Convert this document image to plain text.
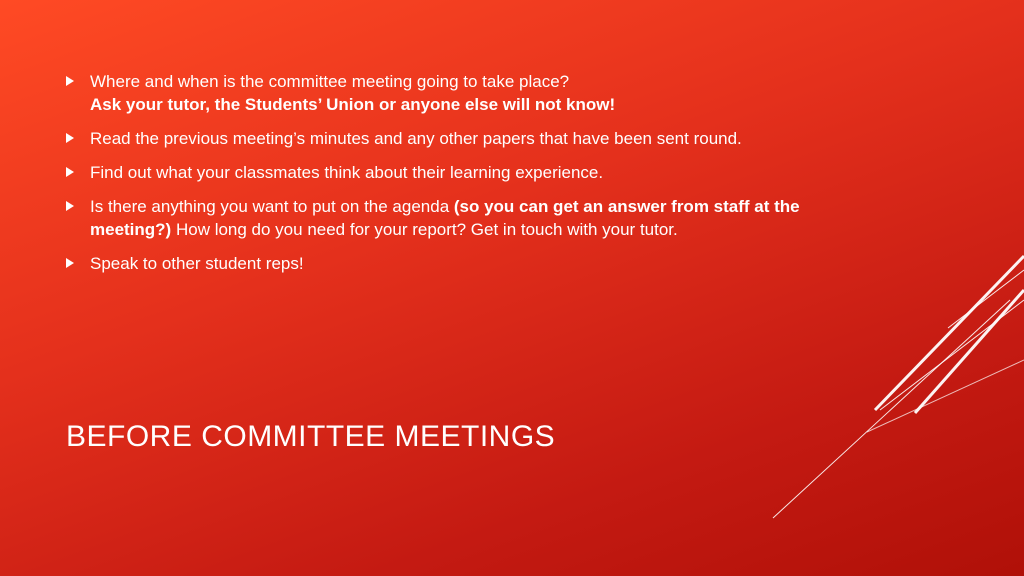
Where and when is the committee meeting going to take place?
Ask your tutor, the Students’ Union or anyone else will not know!
Read the previous meeting’s minutes and any other papers that have been sent round.
Find out what your classmates think about their learning experience.
Is there anything you want to put on the agenda (so you can get an answer from staff at the meeting?) How long do you need for your report? Get in touch with your tutor.
Speak to other student reps!
BEFORE COMMITTEE MEETINGS
